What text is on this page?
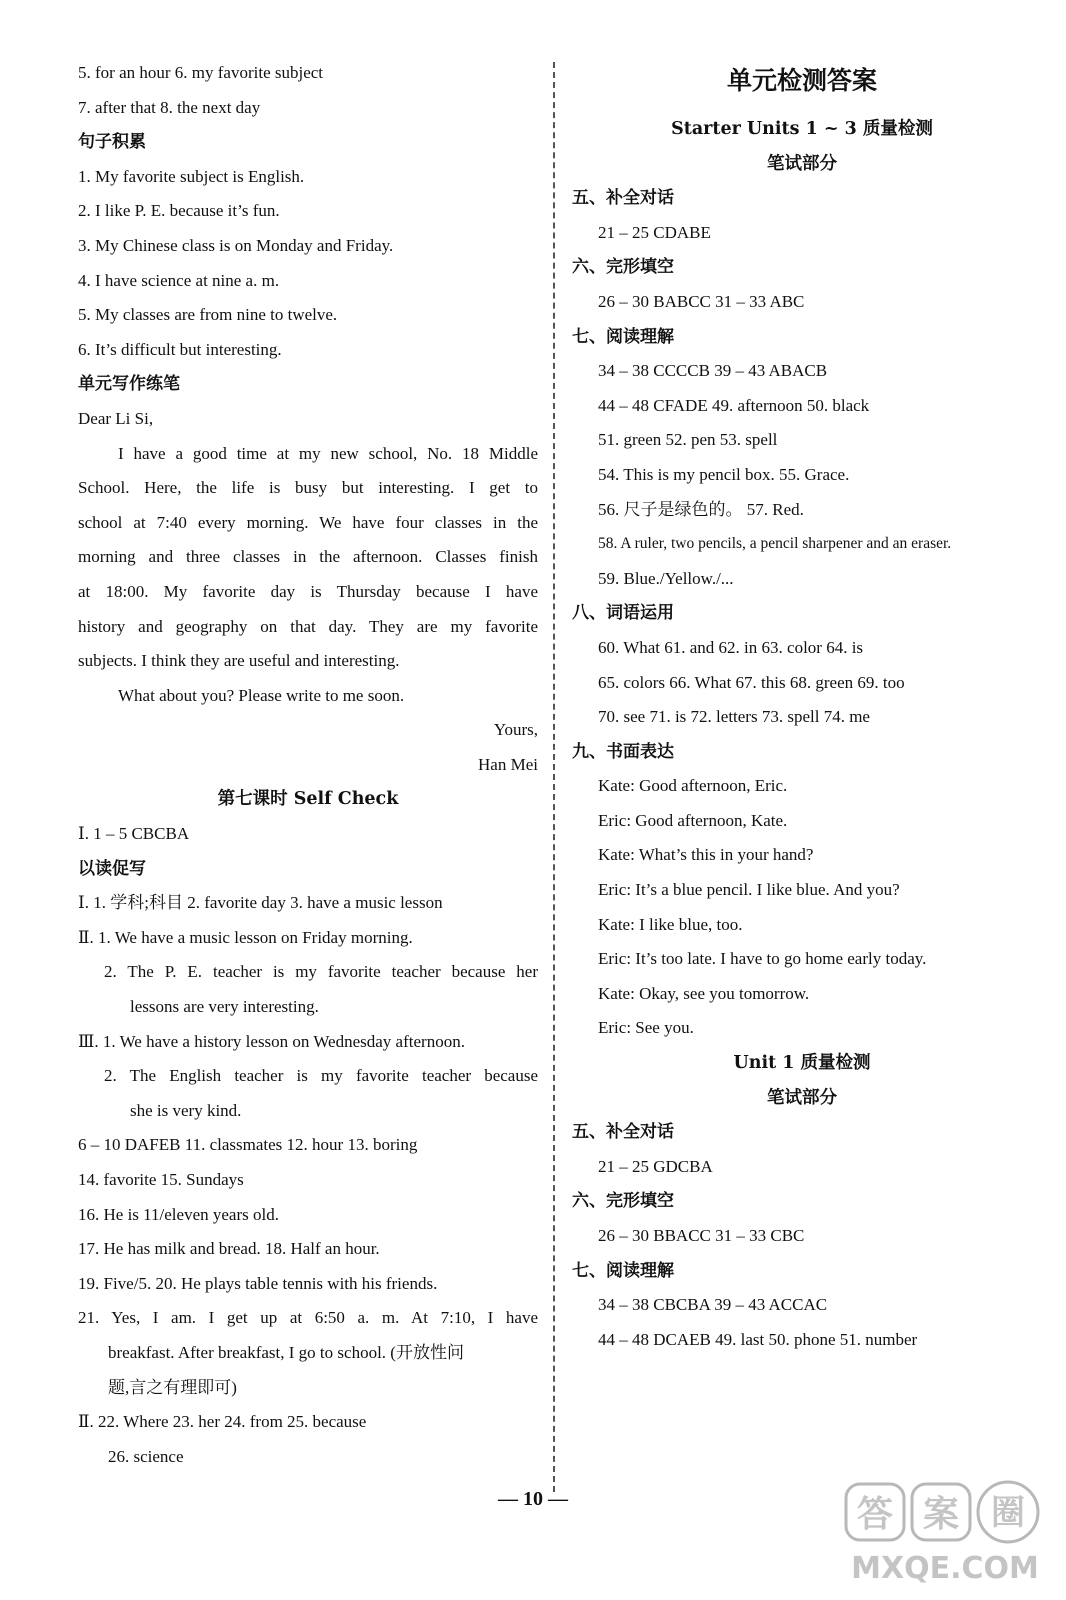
5. for an hour 6. my favorite subject
7. after that 8. the next day
句子积累
1. My favorite subject is English.
2. I like P. E. because it’s fun.
3. My Chinese class is on Monday and Friday.
4. I have science at nine a. m.
5. My classes are from nine to twelve.
6. It’s difficult but interesting.
单元写作练笔
Dear Li Si,
I have a good time at my new school, No. 18 Middle
School. Here, the life is busy but interesting. I get to
school at 7:40 every morning. We have four classes in the
morning and three classes in the afternoon. Classes finish
at 18:00. My favorite day is Thursday because I have
history and geography on that day. They are my favorite
subjects. I think they are useful and interesting.
What about you? Please write to me soon.
Yours,
Han Mei
第七课时 Self Check
Ⅰ. 1 – 5 CBCBA
以读促写
Ⅰ. 1. 学科;科目 2. favorite day 3. have a music lesson
Ⅱ. 1. We have a music lesson on Friday morning.
2. The P. E. teacher is my favorite teacher because her
lessons are very interesting.
Ⅲ. 1. We have a history lesson on Wednesday afternoon.
2. The English teacher is my favorite teacher because
she is very kind.
6 – 10 DAFEB 11. classmates 12. hour 13. boring
14. favorite 15. Sundays
16. He is 11/eleven years old.
17. He has milk and bread. 18. Half an hour.
19. Five/5. 20. He plays table tennis with his friends.
21. Yes, I am. I get up at 6:50 a. m. At 7:10, I have
breakfast. After breakfast, I go to school. (开放性问
题,言之有理即可)
Ⅱ. 22. Where 23. her 24. from 25. because
26. science
单元检测答案
Starter Units 1 ~ 3 质量检测
笔试部分
五、补全对话
21 – 25 CDABE
六、完形填空
26 – 30 BABCC 31 – 33 ABC
七、阅读理解
34 – 38 CCCCB 39 – 43 ABACB
44 – 48 CFADE 49. afternoon 50. black
51. green 52. pen 53. spell
54. This is my pencil box. 55. Grace.
56. 尺子是绿色的。 57. Red.
58. A ruler, two pencils, a pencil sharpener and an eraser.
59. Blue./Yellow./...
八、词语运用
60. What 61. and 62. in 63. color 64. is
65. colors 66. What 67. this 68. green 69. too
70. see 71. is 72. letters 73. spell 74. me
九、书面表达
Kate: Good afternoon, Eric.
Eric: Good afternoon, Kate.
Kate: What’s this in your hand?
Eric: It’s a blue pencil. I like blue. And you?
Kate: I like blue, too.
Eric: It’s too late. I have to go home early today.
Kate: Okay, see you tomorrow.
Eric: See you.
Unit 1 质量检测
笔试部分
五、补全对话
21 – 25 GDCBA
六、完形填空
26 – 30 BBACC 31 – 33 CBC
七、阅读理解
34 – 38 CBCBA 39 – 43 ACCAC
44 – 48 DCAEB 49. last 50. phone 51. number
— 10 —	答 案 圈
MXQE.COM
